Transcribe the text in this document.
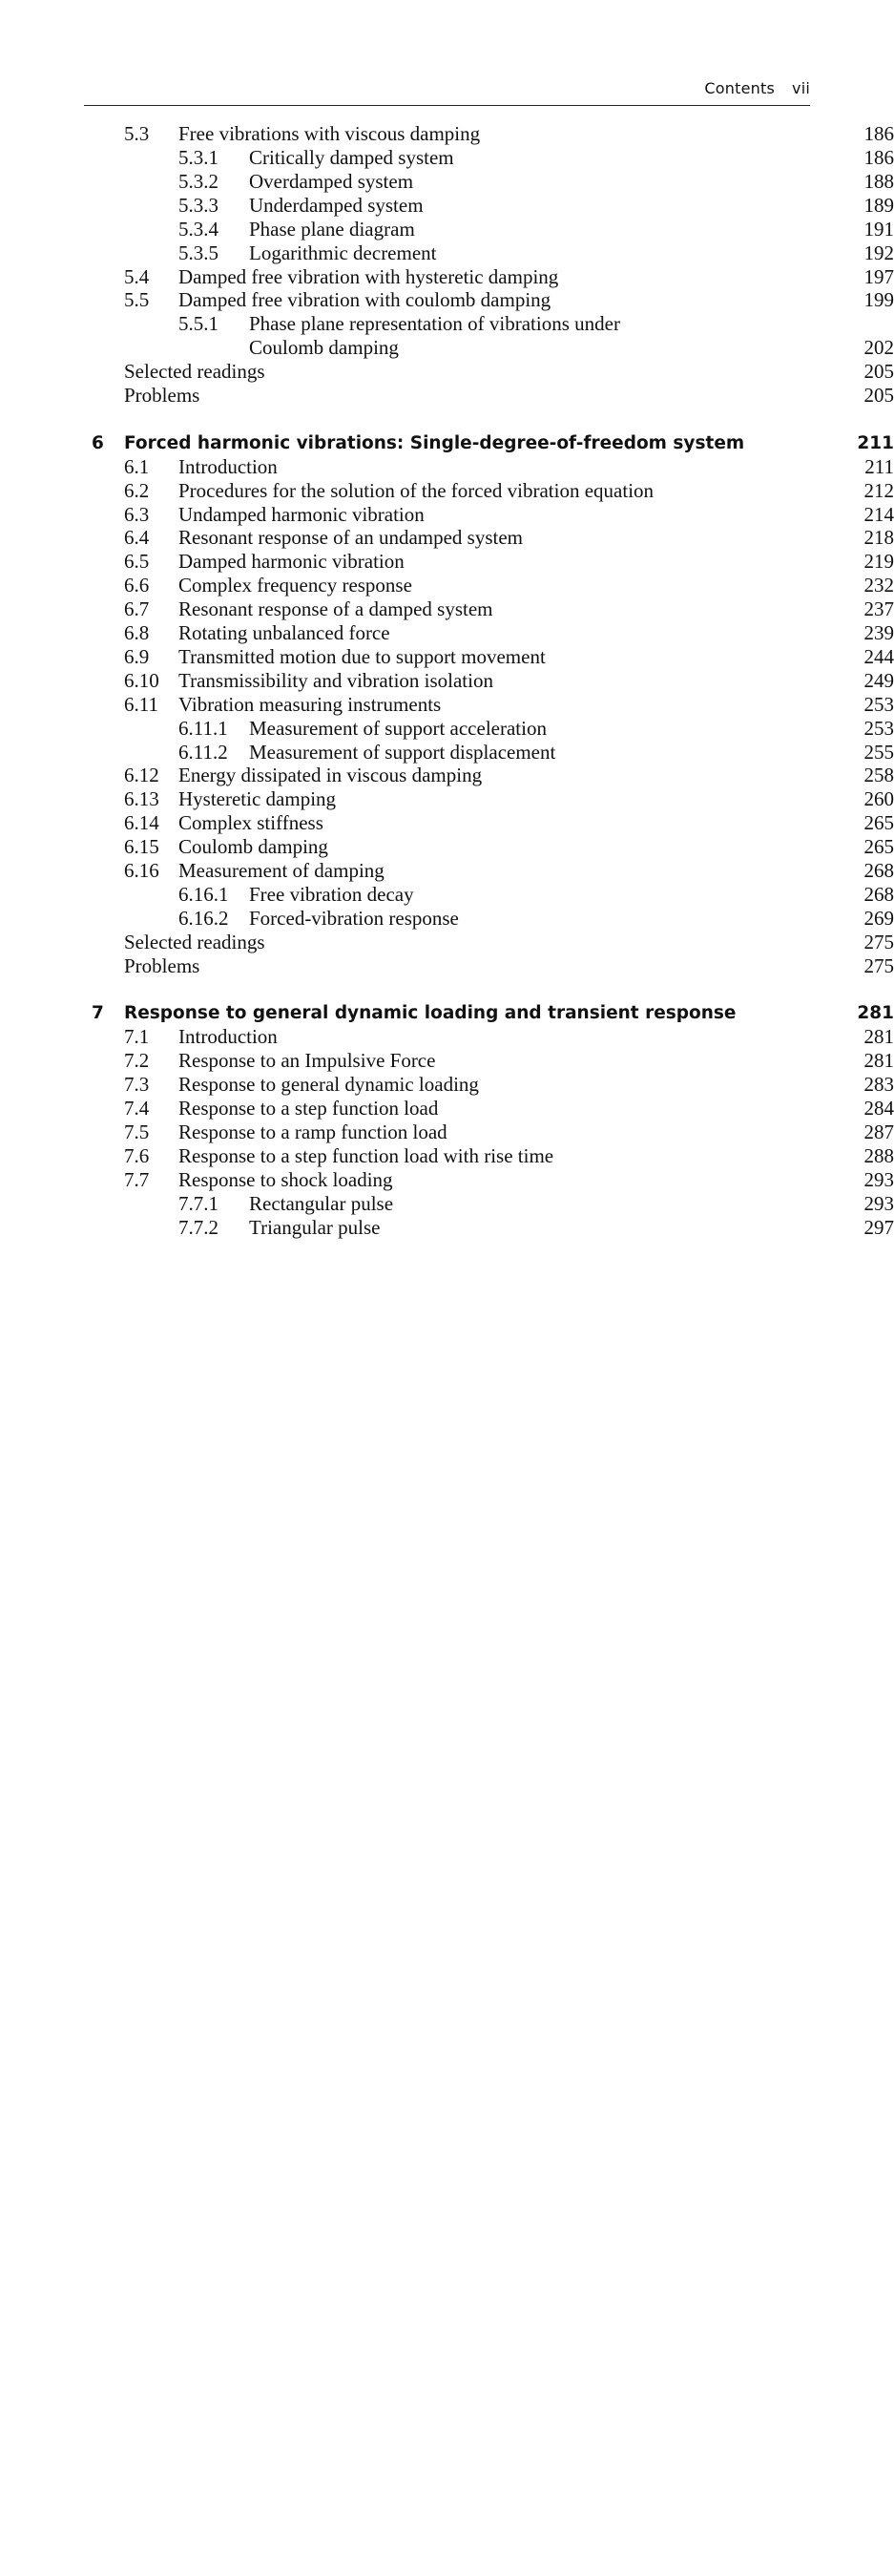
Contents vii
5.3 Free vibrations with viscous damping	186
5.3.1 Critically damped system	186
5.3.2 Overdamped system	188
5.3.3 Underdamped system	189
5.3.4 Phase plane diagram	191
5.3.5 Logarithmic decrement	192
5.4 Damped free vibration with hysteretic damping	197
5.5 Damped free vibration with coulomb damping	199
5.5.1 Phase plane representation of vibrations under
Coulomb damping	202
Selected readings	205
Problems	205
6 Forced harmonic vibrations: Single-degree-of-freedom system	211
6.1 Introduction	211
6.2 Procedures for the solution of the forced vibration equation	212
6.3 Undamped harmonic vibration	214
6.4 Resonant response of an undamped system	218
6.5 Damped harmonic vibration	219
6.6 Complex frequency response	232
6.7 Resonant response of a damped system	237
6.8 Rotating unbalanced force	239
6.9 Transmitted motion due to support movement	244
6.10 Transmissibility and vibration isolation	249
6.11 Vibration measuring instruments	253
6.11.1 Measurement of support acceleration	253
6.11.2 Measurement of support displacement	255
6.12 Energy dissipated in viscous damping	258
6.13 Hysteretic damping	260
6.14 Complex stiffness	265
6.15 Coulomb damping	265
6.16 Measurement of damping	268
6.16.1 Free vibration decay	268
6.16.2 Forced-vibration response	269
Selected readings	275
Problems	275
7 Response to general dynamic loading and transient response	281
7.1 Introduction	281
7.2 Response to an Impulsive Force	281
7.3 Response to general dynamic loading	283
7.4 Response to a step function load	284
7.5 Response to a ramp function load	287
7.6 Response to a step function load with rise time	288
7.7 Response to shock loading	293
7.7.1 Rectangular pulse	293
7.7.2 Triangular pulse	297
